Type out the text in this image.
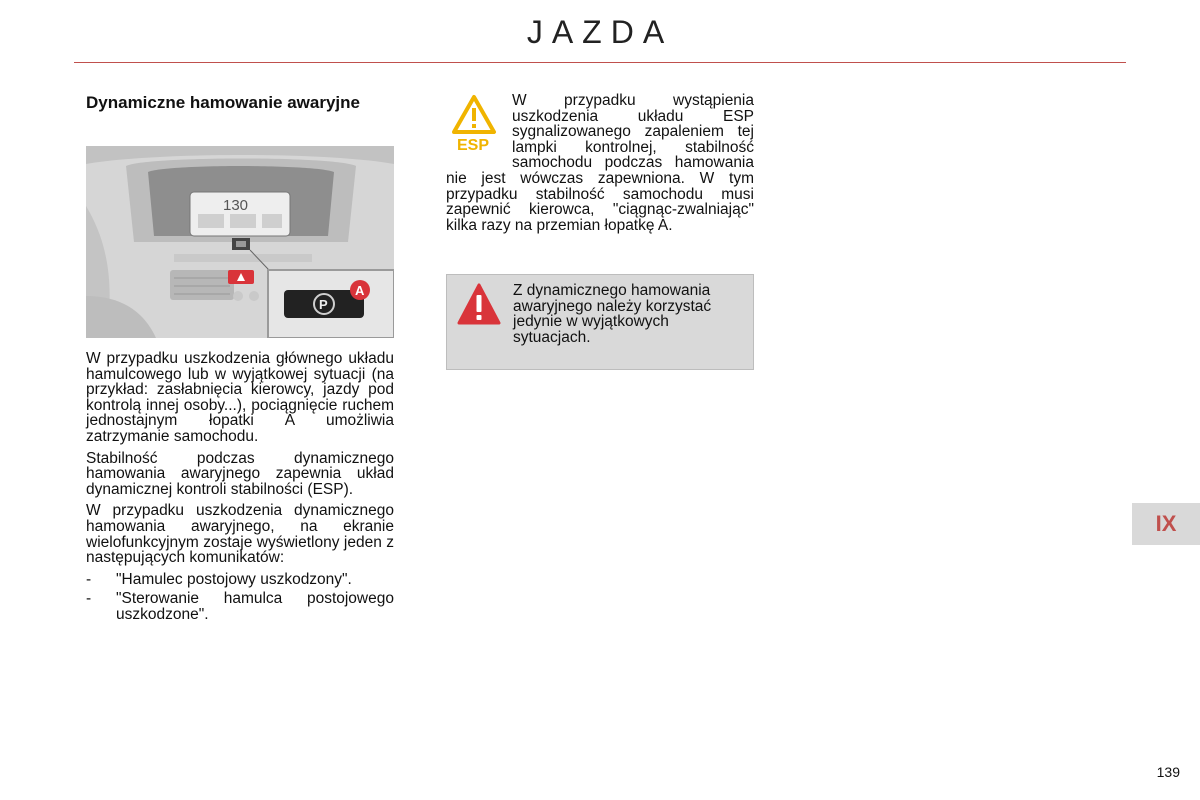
JAZDA
Dynamiczne hamowanie awaryjne
130
P
A

W przypadku uszkodzenia głównego układu hamulcowego lub w wyjątkowej sytuacji (na przykład: zasłabnięcia kierowcy, jazdy pod kontrolą innej osoby...), pociągnięcie ruchem jednostajnym łopatki A umożliwia zatrzymanie samochodu.

Stabilność podczas dynamicznego hamowania awaryjnego zapewnia układ dynamicznej kontroli stabilności (ESP).

W przypadku uszkodzenia dynamicznego hamowania awaryjnego, na ekranie wielofunkcyjnym zostaje wyświetlony jeden z następujących komunikatów:

-	"Hamulec postojowy uszkodzony".
-	"Sterowanie hamulca postojowego uszkodzone".
W przypadku wystąpienia uszkodzenia układu ESP sygnalizowanego zapaleniem tej lampki kontrolnej, stabilność samochodu podczas hamowania nie jest wówczas zapewniona. W tym przypadku stabilność samochodu musi zapewnić kierowca, "ciągnąc-zwalniając" kilka razy na przemian łopatkę A.
ESP
Z dynamicznego hamowania awaryjnego należy korzystać jedynie w wyjątkowych sytuacjach.
IX
139
